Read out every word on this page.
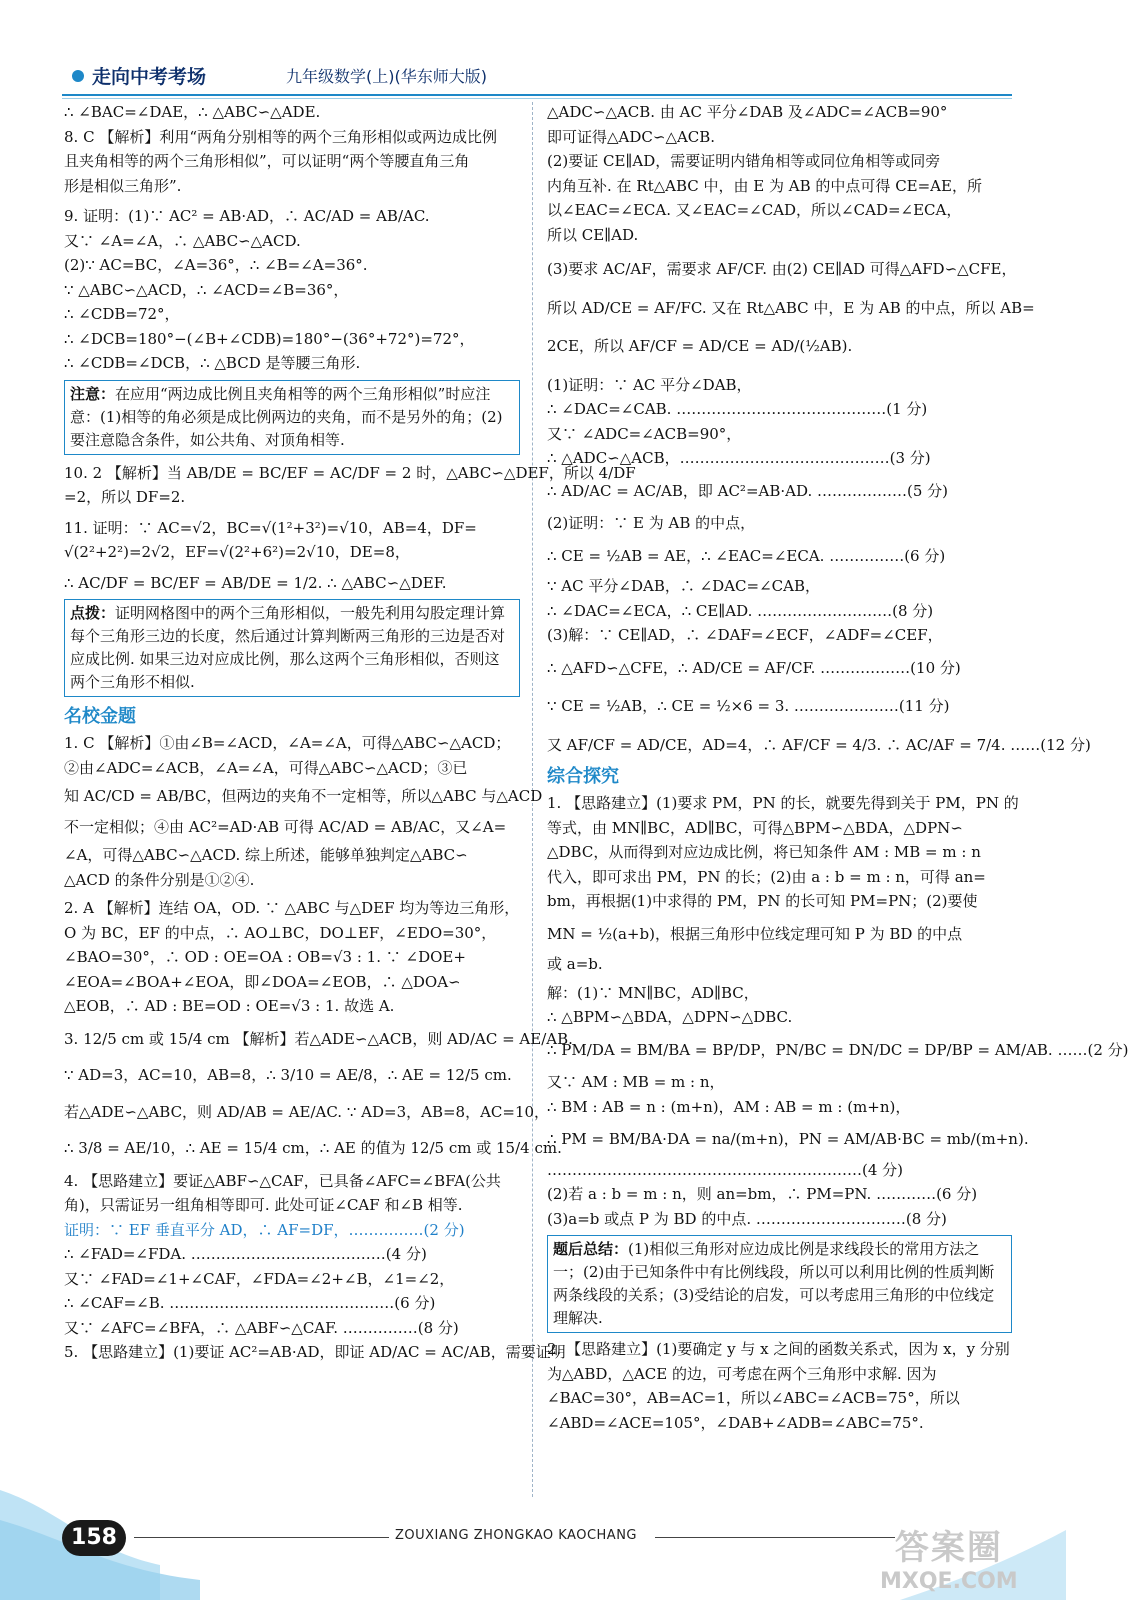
走向中考考场	九年级数学(上)(华东师大版)
∴ ∠BAC=∠DAE，∴ △ABC∽△ADE.
8. C 【解析】利用“两角分别相等的两个三角形相似或两边成比例
且夹角相等的两个三角形相似”，可以证明“两个等腰直角三角
形是相似三角形”.
9. 证明：(1)∵ AC² = AB·AD，∴ AC/AD = AB/AC.
又∵ ∠A=∠A，∴ △ABC∽△ACD.
(2)∵ AC=BC，∠A=36°，∴ ∠B=∠A=36°.
∵ △ABC∽△ACD，∴ ∠ACD=∠B=36°，
∴ ∠CDB=72°，
∴ ∠DCB=180°−(∠B+∠CDB)=180°−(36°+72°)=72°，
∴ ∠CDB=∠DCB，∴ △BCD 是等腰三角形.
注意：在应用“两边成比例且夹角相等的两个三角形相似”时应注意：(1)相等的角必须是成比例两边的夹角，而不是另外的角；(2)要注意隐含条件，如公共角、对顶角相等.
10. 2 【解析】当 AB/DE = BC/EF = AC/DF = 2 时，△ABC∽△DEF，所以 4/DF
=2，所以 DF=2.
11. 证明：∵ AC=√2，BC=√(1²+3²)=√10，AB=4，DF=
√(2²+2²)=2√2，EF=√(2²+6²)=2√10，DE=8，
∴ AC/DF = BC/EF = AB/DE = 1/2. ∴ △ABC∽△DEF.
点拨：证明网格图中的两个三角形相似，一般先利用勾股定理计算每个三角形三边的长度，然后通过计算判断两三角形的三边是否对应成比例. 如果三边对应成比例，那么这两个三角形相似，否则这两个三角形不相似.
名校金题
1. C 【解析】①由∠B=∠ACD，∠A=∠A，可得△ABC∽△ACD；
②由∠ADC=∠ACB，∠A=∠A，可得△ABC∽△ACD；③已
知 AC/CD = AB/BC，但两边的夹角不一定相等，所以△ABC 与△ACD
不一定相似；④由 AC²=AD·AB 可得 AC/AD = AB/AC，又∠A=
∠A，可得△ABC∽△ACD. 综上所述，能够单独判定△ABC∽
△ACD 的条件分别是①②④.
2. A 【解析】连结 OA，OD. ∵ △ABC 与△DEF 均为等边三角形，
O 为 BC，EF 的中点，∴ AO⊥BC，DO⊥EF，∠EDO=30°，
∠BAO=30°，∴ OD : OE=OA : OB=√3 : 1. ∵ ∠DOE+
∠EOA=∠BOA+∠EOA，即∠DOA=∠EOB，∴ △DOA∽
△EOB，∴ AD : BE=OD : OE=√3 : 1. 故选 A.
3. 12/5 cm 或 15/4 cm 【解析】若△ADE∽△ACB，则 AD/AC = AE/AB.
∵ AD=3，AC=10，AB=8，∴ 3/10 = AE/8，∴ AE = 12/5 cm.
若△ADE∽△ABC，则 AD/AB = AE/AC. ∵ AD=3，AB=8，AC=10，
∴ 3/8 = AE/10，∴ AE = 15/4 cm，∴ AE 的值为 12/5 cm 或 15/4 cm.
4. 【思路建立】要证△ABF∽△CAF，已具备∠AFC=∠BFA(公共
角)，只需证另一组角相等即可. 此处可证∠CAF 和∠B 相等.
证明：∵ EF 垂直平分 AD，∴ AF=DF，……………(2 分)
∴ ∠FAD=∠FDA. …………………………………(4 分)
又∵ ∠FAD=∠1+∠CAF，∠FDA=∠2+∠B，∠1=∠2，
∴ ∠CAF=∠B. ………………………………………(6 分)
又∵ ∠AFC=∠BFA，∴ △ABF∽△CAF. ……………(8 分)
5. 【思路建立】(1)要证 AC²=AB·AD，即证 AD/AC = AC/AB，需要证明
△ADC∽△ACB. 由 AC 平分∠DAB 及∠ADC=∠ACB=90°
即可证得△ADC∽△ACB.
(2)要证 CE∥AD，需要证明内错角相等或同位角相等或同旁
内角互补. 在 Rt△ABC 中，由 E 为 AB 的中点可得 CE=AE，所
以∠EAC=∠ECA. 又∠EAC=∠CAD，所以∠CAD=∠ECA，
所以 CE∥AD.
(3)要求 AC/AF，需要求 AF/CF. 由(2) CE∥AD 可得△AFD∽△CFE，
所以 AD/CE = AF/FC. 又在 Rt△ABC 中，E 为 AB 的中点，所以 AB=
2CE，所以 AF/CF = AD/CE = AD/(½AB).
(1)证明：∵ AC 平分∠DAB，
∴ ∠DAC=∠CAB. ……………………………………(1 分)
又∵ ∠ADC=∠ACB=90°，
∴ △ADC∽△ACB，……………………………………(3 分)
∴ AD/AC = AC/AB，即 AC²=AB·AD. ………………(5 分)
(2)证明：∵ E 为 AB 的中点，
∴ CE = ½AB = AE，∴ ∠EAC=∠ECA. ……………(6 分)
∵ AC 平分∠DAB，∴ ∠DAC=∠CAB，
∴ ∠DAC=∠ECA，∴ CE∥AD. ………………………(8 分)
(3)解：∵ CE∥AD，∴ ∠DAF=∠ECF，∠ADF=∠CEF，
∴ △AFD∽△CFE，∴ AD/CE = AF/CF. ………………(10 分)
∵ CE = ½AB，∴ CE = ½×6 = 3. …………………(11 分)
又 AF/CF = AD/CE，AD=4，∴ AF/CF = 4/3. ∴ AC/AF = 7/4. ……(12 分)
综合探究
1. 【思路建立】(1)要求 PM，PN 的长，就要先得到关于 PM，PN 的
等式，由 MN∥BC，AD∥BC，可得△BPM∽△BDA，△DPN∽
△DBC，从而得到对应边成比例，将已知条件 AM : MB = m : n
代入，即可求出 PM，PN 的长；(2)由 a : b = m : n，可得 an=
bm，再根据(1)中求得的 PM，PN 的长可知 PM=PN；(2)要使
MN = ½(a+b)，根据三角形中位线定理可知 P 为 BD 的中点
或 a=b.
解：(1)∵ MN∥BC，AD∥BC，
∴ △BPM∽△BDA，△DPN∽△DBC.
∴ PM/DA = BM/BA = BP/DP，PN/BC = DN/DC = DP/BP = AM/AB. ……(2 分)
又∵ AM : MB = m : n，
∴ BM : AB = n : (m+n)，AM : AB = m : (m+n)，
∴ PM = BM/BA·DA = na/(m+n)，PN = AM/AB·BC = mb/(m+n).
………………………………………………………(4 分)
(2)若 a : b = m : n，则 an=bm，∴ PM=PN. …………(6 分)
(3)a=b 或点 P 为 BD 的中点. …………………………(8 分)
题后总结：(1)相似三角形对应边成比例是求线段长的常用方法之一；(2)由于已知条件中有比例线段，所以可以利用比例的性质判断两条线段的关系；(3)受结论的启发，可以考虑用三角形的中位线定理解决.
2. 【思路建立】(1)要确定 y 与 x 之间的函数关系式，因为 x，y 分别
为△ABD，△ACE 的边，可考虑在两个三角形中求解. 因为
∠BAC=30°，AB=AC=1，所以∠ABC=∠ACB=75°，所以
∠ABD=∠ACE=105°，∠DAB+∠ADB=∠ABC=75°.
158	ZOUXIANG ZHONGKAO KAOCHANG	答案圈
MXQE.COM
